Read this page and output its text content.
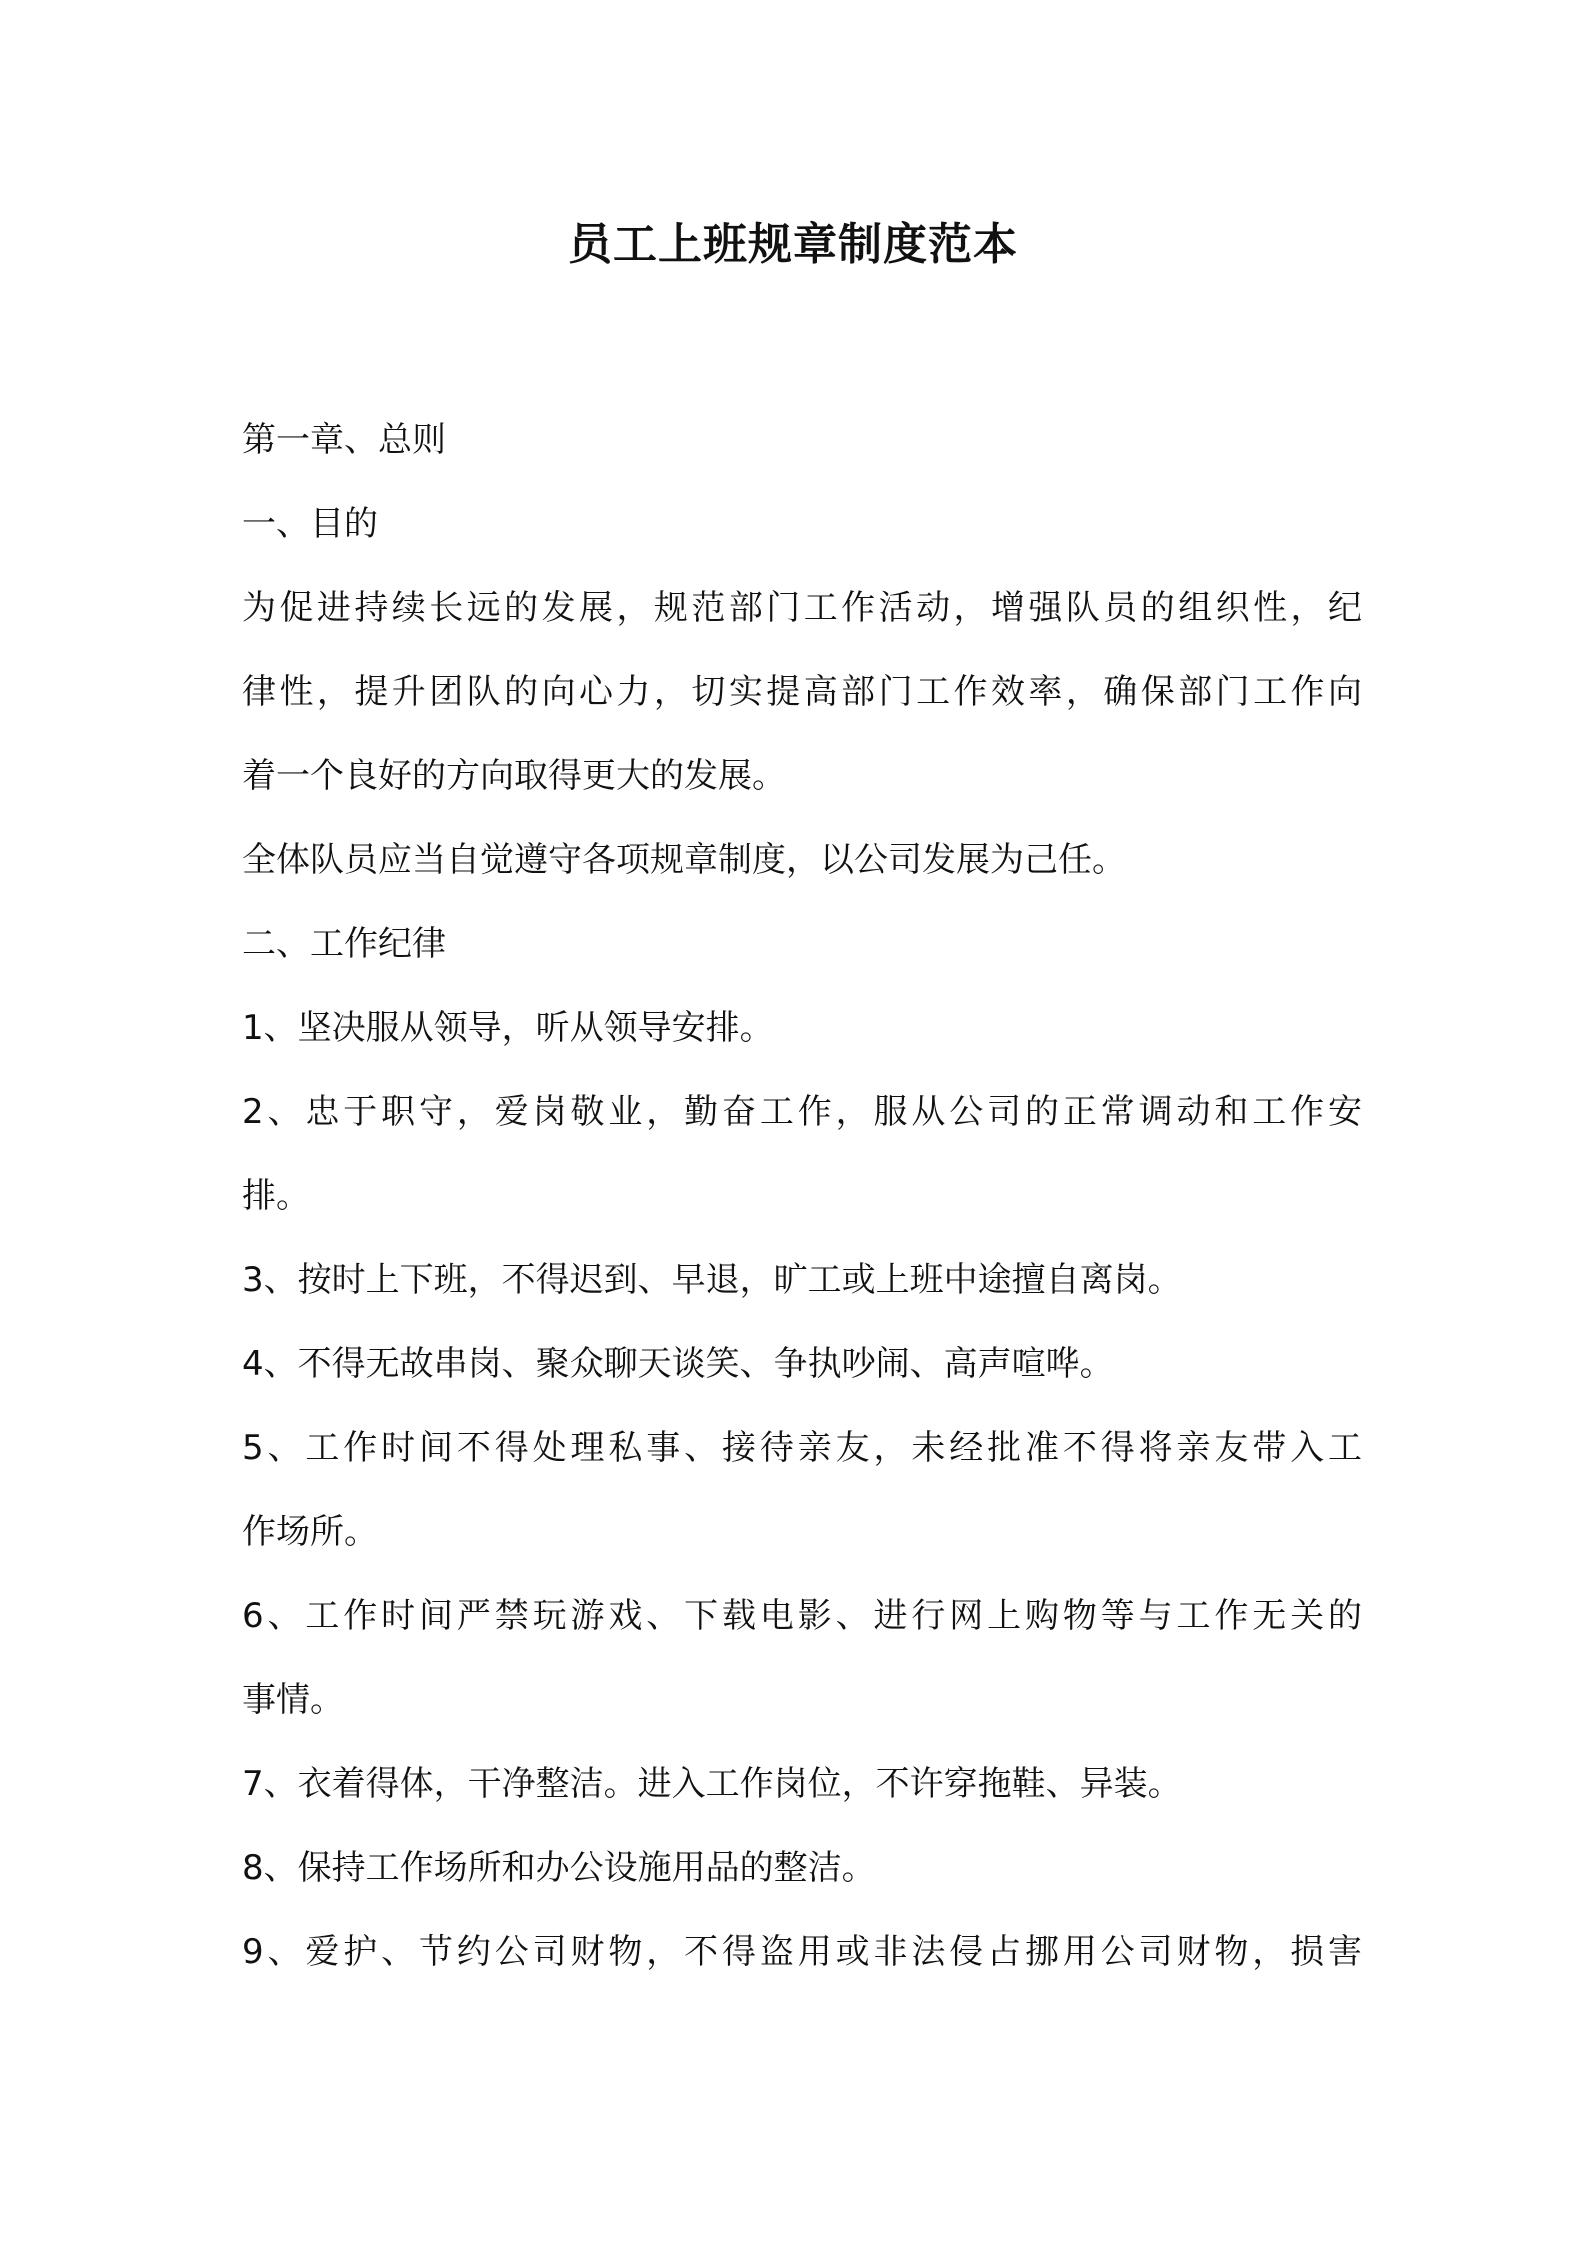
员工上班规章制度范本
第一章、总则
一、目的
为促进持续长远的发展，规范部门工作活动，增强队员的组织性，纪
律性，提升团队的向心力，切实提高部门工作效率，确保部门工作向
着一个良好的方向取得更大的发展。
全体队员应当自觉遵守各项规章制度，以公司发展为己任。
二、工作纪律
1、坚决服从领导，听从领导安排。
2、忠于职守，爱岗敬业，勤奋工作，服从公司的正常调动和工作安
排。
3、按时上下班，不得迟到、早退，旷工或上班中途擅自离岗。
4、不得无故串岗、聚众聊天谈笑、争执吵闹、高声喧哗。
5、工作时间不得处理私事、接待亲友，未经批准不得将亲友带入工
作场所。
6、工作时间严禁玩游戏、下载电影、进行网上购物等与工作无关的
事情。
7、衣着得体，干净整洁。进入工作岗位，不许穿拖鞋、异装。
8、保持工作场所和办公设施用品的整洁。
9、爱护、节约公司财物，不得盗用或非法侵占挪用公司财物，损害
